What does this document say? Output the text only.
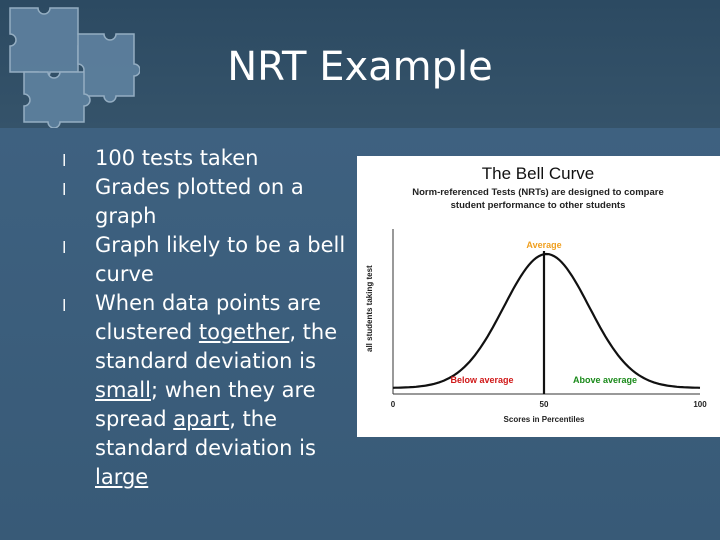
NRT Example
l 100 tests taken
l Grades plotted on a graph
l Graph likely to be a bell curve
l When data points are clustered together, the standard deviation is small; when they are spread apart, the standard deviation is large
The Bell Curve
Norm-referenced Tests (NRTs) are designed to compare
student performance to other students
all students taking test
Average
Below average	Above average
0	50	100
Scores in Percentiles
